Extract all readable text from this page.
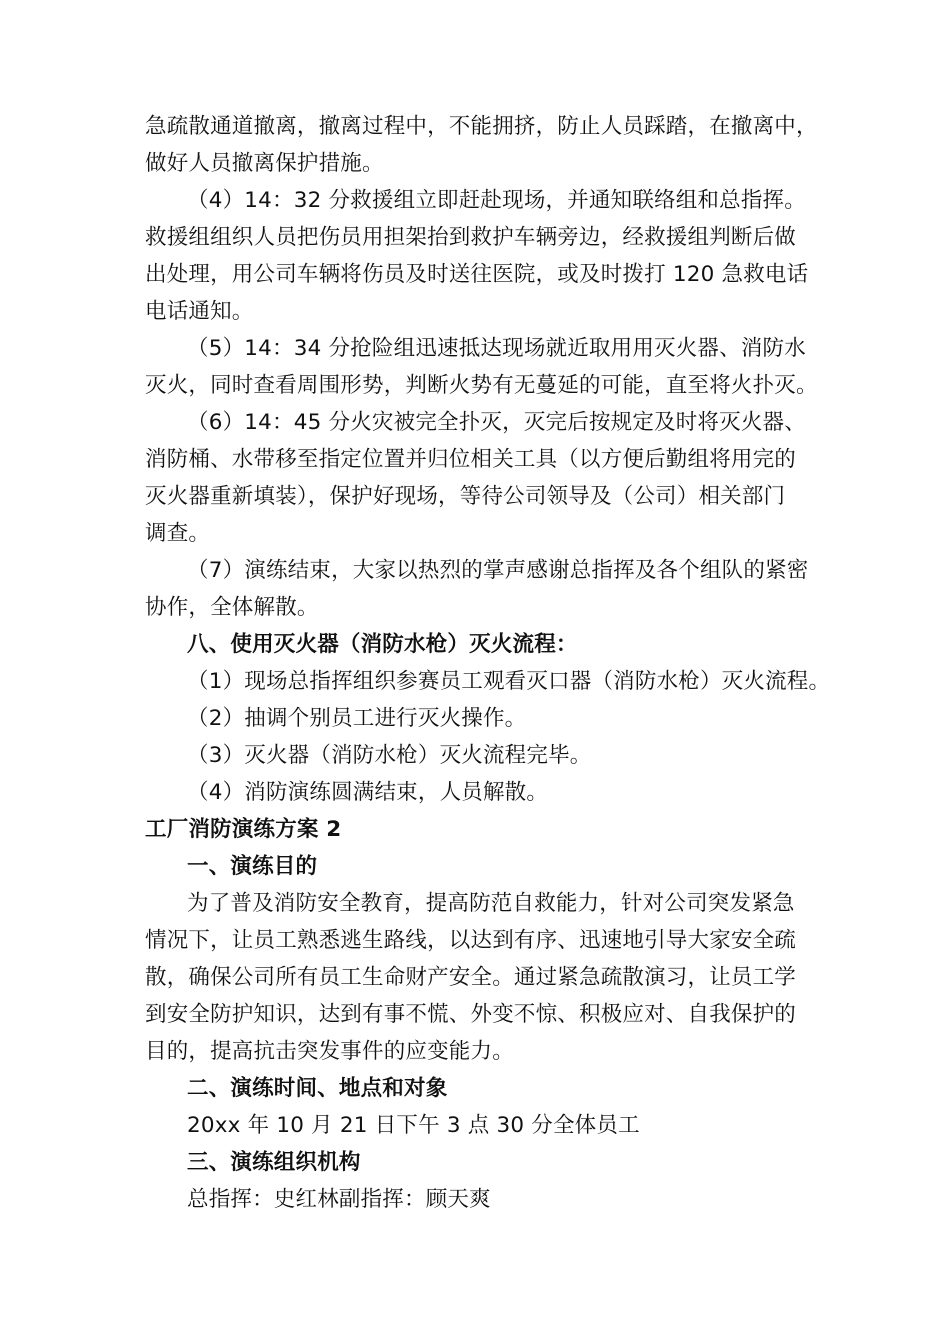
急疏散通道撤离，撤离过程中，不能拥挤，防止人员踩踏，在撤离中，
做好人员撤离保护措施。
（4）14：32 分救援组立即赶赴现场，并通知联络组和总指挥。
救援组组织人员把伤员用担架抬到救护车辆旁边，经救援组判断后做
出处理，用公司车辆将伤员及时送往医院，或及时拨打 120 急救电话
电话通知。
（5）14：34 分抢险组迅速抵达现场就近取用用灭火器、消防水
灭火，同时查看周围形势，判断火势有无蔓延的可能，直至将火扑灭。
（6）14：45 分火灾被完全扑灭，灭完后按规定及时将灭火器、
消防桶、水带移至指定位置并归位相关工具（以方便后勤组将用完的
灭火器重新填装），保护好现场，等待公司领导及（公司）相关部门
调查。
（7）演练结束，大家以热烈的掌声感谢总指挥及各个组队的紧密
协作，全体解散。
八、使用灭火器（消防水枪）灭火流程：
（1）现场总指挥组织参赛员工观看灭口器（消防水枪）灭火流程。
（2）抽调个别员工进行灭火操作。
（3）灭火器（消防水枪）灭火流程完毕。
（4）消防演练圆满结束，人员解散。
工厂消防演练方案 2
一、演练目的
为了普及消防安全教育，提高防范自救能力，针对公司突发紧急
情况下，让员工熟悉逃生路线，以达到有序、迅速地引导大家安全疏
散，确保公司所有员工生命财产安全。通过紧急疏散演习，让员工学
到安全防护知识，达到有事不慌、外变不惊、积极应对、自我保护的
目的，提高抗击突发事件的应变能力。
二、演练时间、地点和对象
20xx 年 10 月 21 日下午 3 点 30 分全体员工
三、演练组织机构
总指挥：史红林副指挥：顾天爽
